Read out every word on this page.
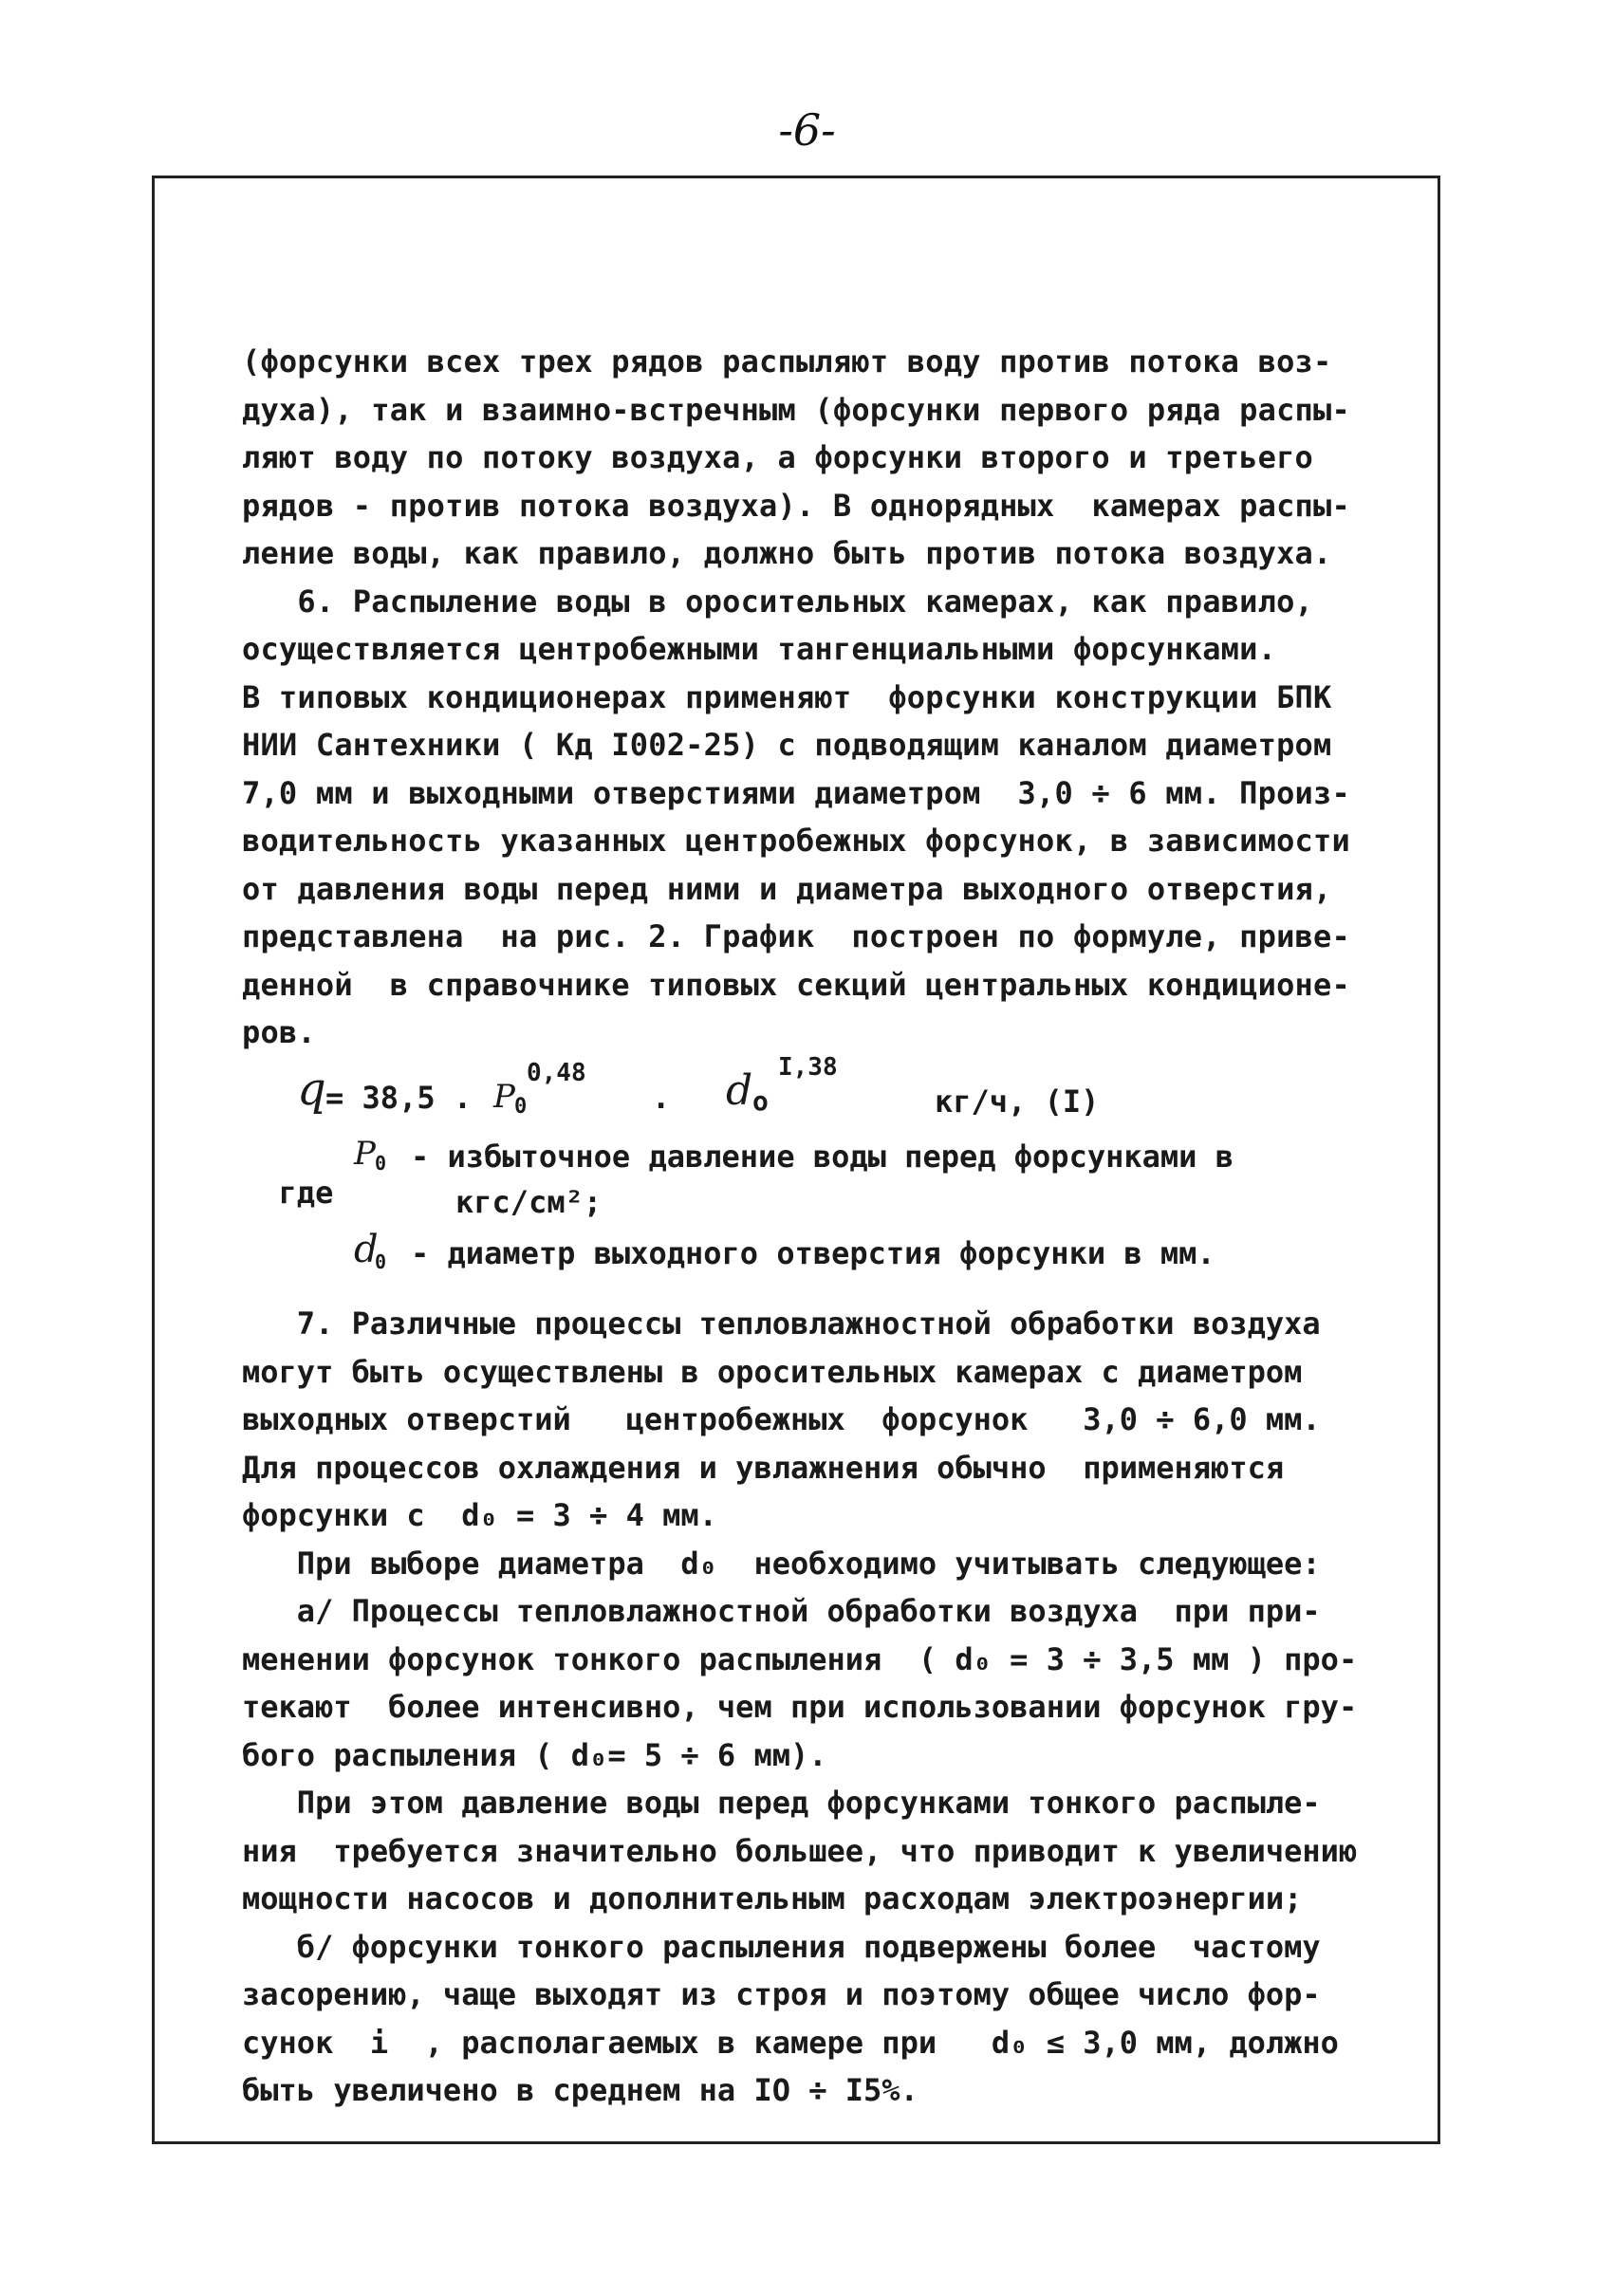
-6-
(форсунки всех трех рядов распыляют воду против потока воз-
духа), так и взаимно-встречным (форсунки первого ряда распы-
ляют воду по потоку воздуха, а форсунки второго и третьего
рядов - против потока воздуха). В однорядных  камерах распы-
ление воды, как правило, должно быть против потока воздуха.
6. Распыление воды в оросительных камерах, как правило,
осуществляется центробежными тангенциальными форсунками.
В типовых кондиционерах применяют  форсунки конструкции БПК
НИИ Сантехники ( Кд I002-25) с подводящим каналом диаметром
7,0 мм и выходными отверстиями диаметром  3,0 ÷ 6 мм. Произ-
водительность указанных центробежных форсунок, в зависимости
от давления воды перед ними и диаметра выходного отверстия,
представлена  на рис. 2. График  построен по формуле, приве-
денной  в справочнике типовых секций центральных кондиционе-
ров.
q = 38,5 . P 0
0,48
. d o
I,38
кг/ч, (I)

где

P

0

- избыточное давление воды перед форсунками в

кгс/см²;

d

0

- диаметр выходного отверстия форсунки в мм.

7. Различные процессы тепловлажностной обработки воздуха
могут быть осуществлены в оросительных камерах с диаметром
выходных отверстий   центробежных  форсунок   3,0 ÷ 6,0 мм.
Для процессов охлаждения и увлажнения обычно  применяются
форсунки с  d₀ = 3 ÷ 4 мм.
При выборе диаметра  d₀  необходимо учитывать следующее:
а/ Процессы тепловлажностной обработки воздуха  при при-
менении форсунок тонкого распыления  ( d₀ = 3 ÷ 3,5 мм ) про-
текают  более интенсивно, чем при использовании форсунок гру-
бого распыления ( d₀= 5 ÷ 6 мм).
При этом давление воды перед форсунками тонкого распыле-
ния  требуется значительно большее, что приводит к увеличению
мощности насосов и дополнительным расходам электроэнергии;
б/ форсунки тонкого распыления подвержены более  частому
засорению, чаще выходят из строя и поэтому общее число фор-
сунок  i  , располагаемых в камере при   d₀ ≤ 3,0 мм, должно
быть увеличено в среднем на IO ÷ I5%.
